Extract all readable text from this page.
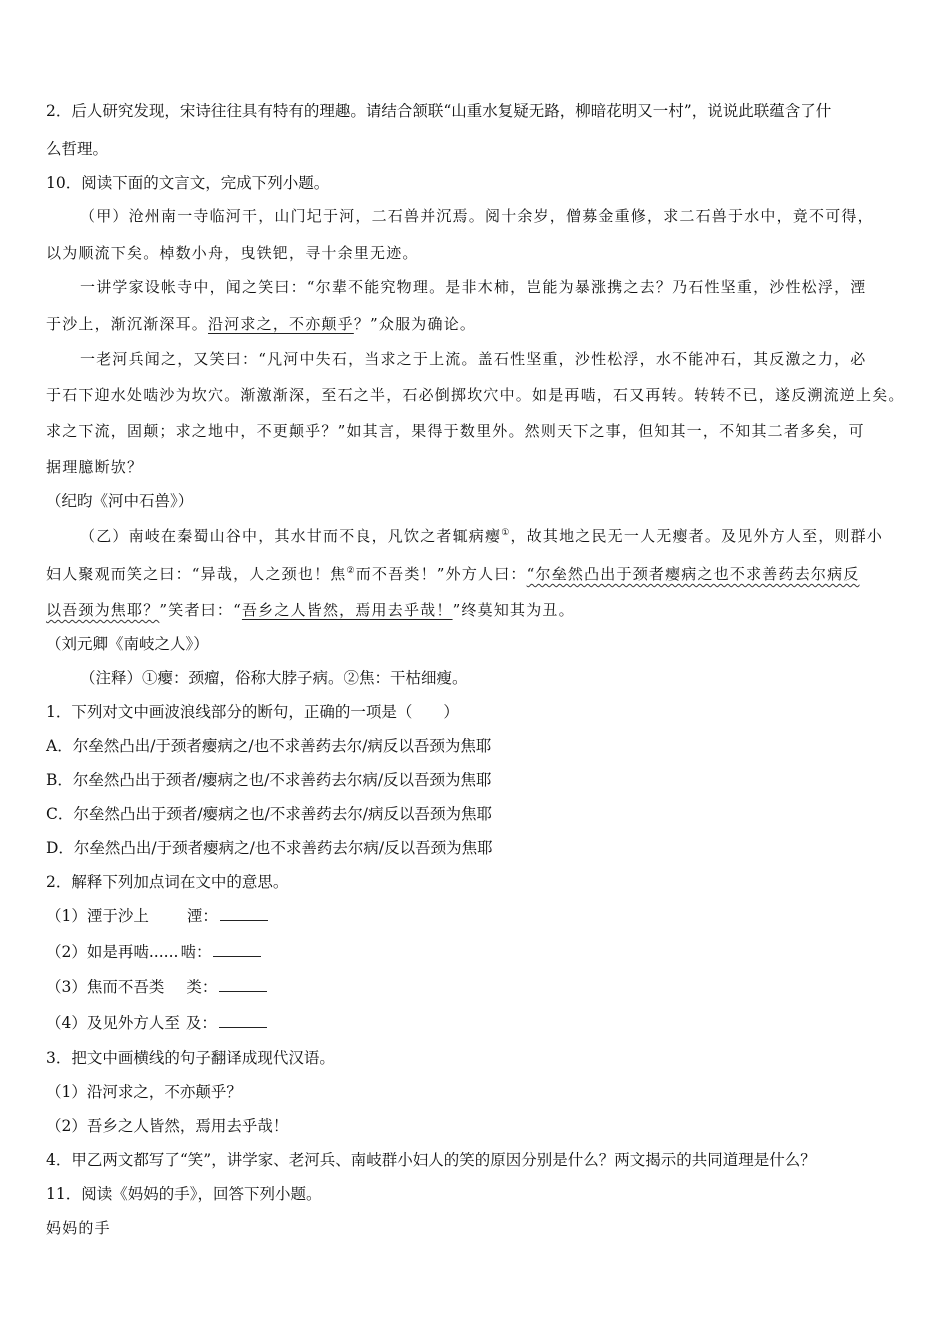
2．后人研究发现，宋诗往往具有特有的理趣。请结合颔联“山重水复疑无路，柳暗花明又一村”，说说此联蕴含了什
么哲理。
10．阅读下面的文言文，完成下列小题。
（甲）沧州南一寺临河干，山门圮于河，二石兽并沉焉。阅十余岁，僧募金重修，求二石兽于水中，竟不可得，
以为顺流下矣。棹数小舟，曳铁钯，寻十余里无迹。
一讲学家设帐寺中，闻之笑曰：“尔辈不能究物理。是非木柿，岂能为暴涨携之去？乃石性坚重，沙性松浮，湮
于沙上，渐沉渐深耳。沿河求之，不亦颠乎？”众服为确论。
一老河兵闻之，又笑曰：“凡河中失石，当求之于上流。盖石性坚重，沙性松浮，水不能冲石，其反激之力，必
于石下迎水处啮沙为坎穴。渐激渐深，至石之半，石必倒掷坎穴中。如是再啮，石又再转。转转不已，遂反溯流逆上矣。
求之下流，固颠；求之地中，不更颠乎？”如其言，果得于数里外。然则天下之事，但知其一，不知其二者多矣，可
据理臆断欤？
（纪昀《河中石兽》）
（乙）南岐在秦蜀山谷中，其水甘而不良，凡饮之者辄病瘿①，故其地之民无一人无瘿者。及见外方人至，则群小
妇人聚观而笑之曰：“异哉，人之颈也！焦②而不吾类！”外方人曰：“尔垒然凸出于颈者瘿病之也不求善药去尔病反
以吾颈为焦耶？”笑者曰：“吾乡之人皆然，焉用去乎哉！”终莫知其为丑。
（刘元卿《南岐之人》）
（注释）①瘿：颈瘤，俗称大脖子病。②焦：干枯细瘦。
1．下列对文中画波浪线部分的断句，正确的一项是（　　）
A．尔垒然凸出/于颈者瘿病之/也不求善药去尔/病反以吾颈为焦耶
B．尔垒然凸出于颈者/瘿病之也/不求善药去尔病/反以吾颈为焦耶
C．尔垒然凸出于颈者/瘿病之也/不求善药去尔/病反以吾颈为焦耶
D．尔垒然凸出/于颈者瘿病之/也不求善药去尔病/反以吾颈为焦耶
2．解释下列加点词在文中的意思。
（1）湮于沙上 湮：
（2）如是再啮...... 啮：
（3）焦而不吾类 类：
（4）及见外方人至 及：
3．把文中画横线的句子翻译成现代汉语。
（1）沿河求之，不亦颠乎？
（2）吾乡之人皆然，焉用去乎哉！
4．甲乙两文都写了“笑”，讲学家、老河兵、南岐群小妇人的笑的原因分别是什么？两文揭示的共同道理是什么？
11．阅读《妈妈的手》，回答下列小题。
妈妈的手
